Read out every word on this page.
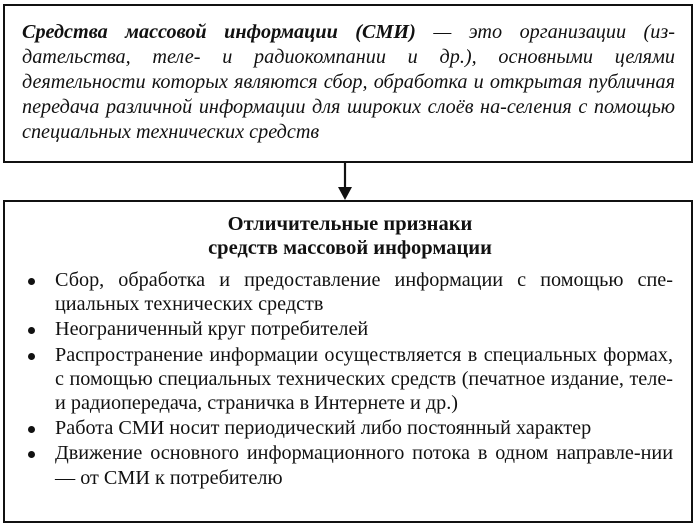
Средства массовой информации (СМИ) — это организации (из-дательства, теле- и радиокомпании и др.), основными целями деятельности которых являются сбор, обработка и открытая публичная передача различной информации для широких слоёв на-селения с помощью специальных технических средств

Отличительные признаки
средств массовой информации
Сбор, обработка и предоставление информации с помощью спе-циальных технических средств
Неограниченный круг потребителей
Распространение информации осуществляется в специальных формах, с помощью специальных технических средств (печатное издание, теле- и радиопередача, страничка в Интернете и др.)
Работа СМИ носит периодический либо постоянный характер
Движение основного информационного потока в одном направле-нии — от СМИ к потребителю
